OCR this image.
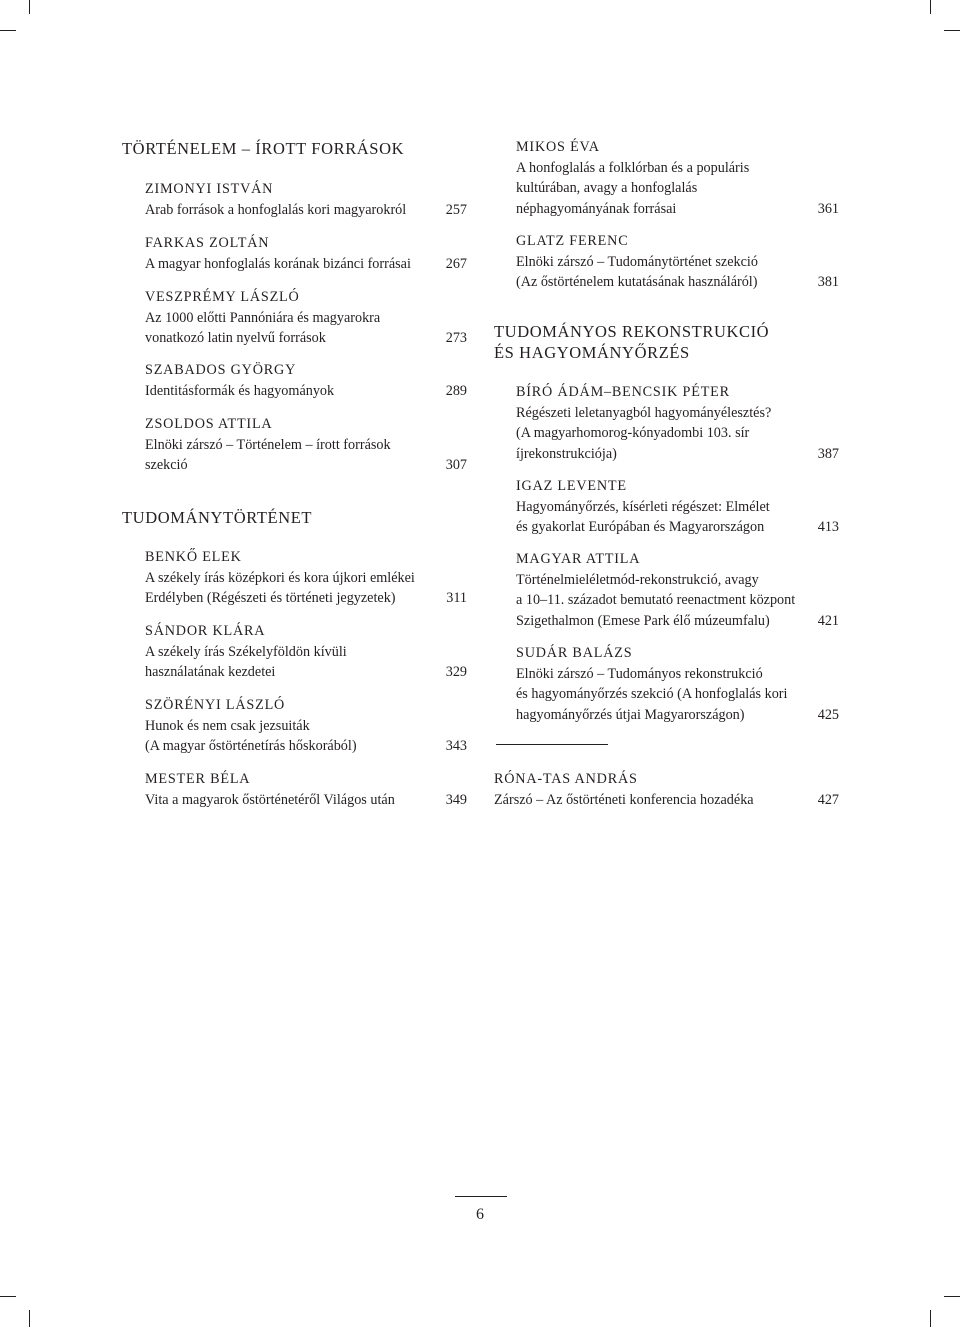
TÖRTÉNELEM – ÍROTT FORRÁSOK
ZIMONYI ISTVÁN
Arab források a honfoglalás kori magyarokról	257
FARKAS ZOLTÁN
A magyar honfoglalás korának bizánci forrásai 267
VESZPRÉMY LÁSZLÓ
Az 1000 előtti Pannóniára és magyarokra
vonatkozó latin nyelvű források	273
SZABADOS GYÖRGY
Identitásformák és hagyományok	289
ZSOLDOS ATTILA
Elnöki zárszó – Történelem – írott források
szekció	307
TUDOMÁNYTÖRTÉNET
BENKŐ ELEK
A székely írás középkori és kora újkori emlékei
Erdélyben (Régészeti és történeti jegyzetek)	311
SÁNDOR KLÁRA
A székely írás Székelyföldön kívüli
használatának kezdetei	329
SZÖRÉNYI LÁSZLÓ
Hunok és nem csak jezsuiták
(A magyar őstörténetírás hőskorából)	343
MESTER BÉLA
Vita a magyarok őstörténetéről Világos után	349
MIKOS ÉVA
A honfoglalás a folklórban és a populáris
kultúrában, avagy a honfoglalás
néphagyományának forrásai	361
GLATZ FERENC
Elnöki zárszó – Tudománytörténet szekció
(Az őstörténelem kutatásának használáról)	381
TUDOMÁNYOS REKONSTRUKCIÓ
ÉS HAGYOMÁNYŐRZÉS
BÍRÓ ÁDÁM–BENCSIK PÉTER
Régészeti leletanyagból hagyományélesztés?
(A magyarhomorog-kónyadombi 103. sír
íjrekonstrukciója)	387
IGAZ LEVENTE
Hagyományőrzés, kísérleti régészet: Elmélet
és gyakorlat Európában és Magyarországon	413
MAGYAR ATTILA
Történelmieléletmód-rekonstrukció, avagy
a 10–11. századot bemutató reenactment központ
Szigethalmon (Emese Park élő múzeumfalu)	421
SUDÁR BALÁZS
Elnöki zárszó – Tudományos rekonstrukció
és hagyományőrzés szekció (A honfoglalás kori
hagyományőrzés útjai Magyarországon)	425
RÓNA-TAS ANDRÁS
Zárszó – Az őstörténeti konferencia hozadéka	427
6
